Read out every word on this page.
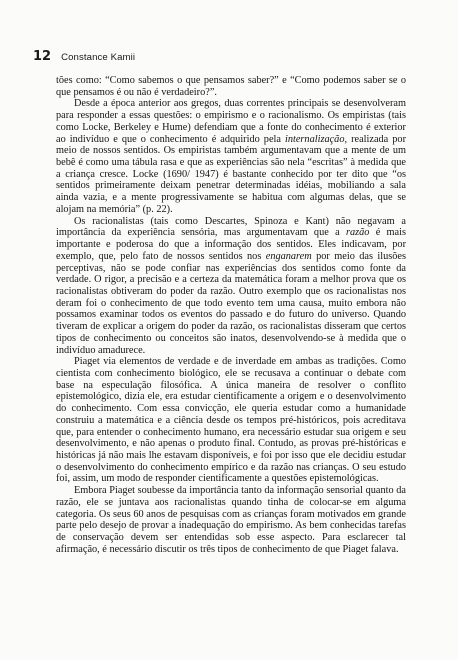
12 Constance Kamii

tões como: “Como sabemos o que pensamos saber?” e “Como podemos saber se o que pensamos é ou não é verdadeiro?”.

Desde a época anterior aos gregos, duas correntes principais se desenvolveram para responder a essas questões: o empirismo e o racionalismo. Os empiristas (tais como Locke, Berkeley e Hume) defendiam que a fonte do conhecimento é exterior ao indivíduo e que o conhecimento é adquirido pela internalização, realizada por meio de nossos sentidos. Os empiristas também argumentavam que a mente de um bebê é como uma tábula rasa e que as experiências são nela “escritas” à medida que a criança cresce. Locke (1690/ 1947) é bastante conhecido por ter dito que “os sentidos primeiramente deixam penetrar determinadas idéias, mobiliando a sala ainda vazia, e a mente progressivamente se habitua com algumas delas, que se alojam na memória” (p. 22).

Os racionalistas (tais como Descartes, Spinoza e Kant) não negavam a importância da experiência sensória, mas argumentavam que a razão é mais importante e poderosa do que a informação dos sentidos. Eles indicavam, por exemplo, que, pelo fato de nossos sentidos nos enganarem por meio das ilusões perceptivas, não se pode confiar nas experiências dos sentidos como fonte da verdade. O rigor, a precisão e a certeza da matemática foram a melhor prova que os racionalistas obtiveram do poder da razão. Outro exemplo que os racionalistas nos deram foi o conhecimento de que todo evento tem uma causa, muito embora não possamos examinar todos os eventos do passado e do futuro do universo. Quando tiveram de explicar a origem do poder da razão, os racionalistas disseram que certos tipos de conhecimento ou conceitos são inatos, desenvolvendo-se à medida que o indivíduo amadurece.

Piaget via elementos de verdade e de inverdade em ambas as tradições. Como cientista com conhecimento biológico, ele se recusava a continuar o debate com base na especulação filosófica. A única maneira de resolver o conflito epistemológico, dizia ele, era estudar cientificamente a origem e o desenvolvimento do conhecimento. Com essa convicção, ele queria estudar como a humanidade construiu a matemática e a ciência desde os tempos pré-históricos, pois acreditava que, para entender o conhecimento humano, era necessário estudar sua origem e seu desenvolvimento, e não apenas o produto final. Contudo, as provas pré-históricas e históricas já não mais lhe estavam disponíveis, e foi por isso que ele decidiu estudar o desenvolvimento do conhecimento empírico e da razão nas crianças. O seu estudo foi, assim, um modo de responder cientificamente a questões epistemológicas.

Embora Piaget soubesse da importância tanto da informação sensorial quanto da razão, ele se juntava aos racionalistas quando tinha de colocar-se em alguma categoria. Os seus 60 anos de pesquisas com as crianças foram motivados em grande parte pelo desejo de provar a inadequação do empirismo. As bem conhecidas tarefas de conservação devem ser entendidas sob esse aspecto. Para esclarecer tal afirmação, é necessário discutir os três tipos de conhecimento de que Piaget falava.
